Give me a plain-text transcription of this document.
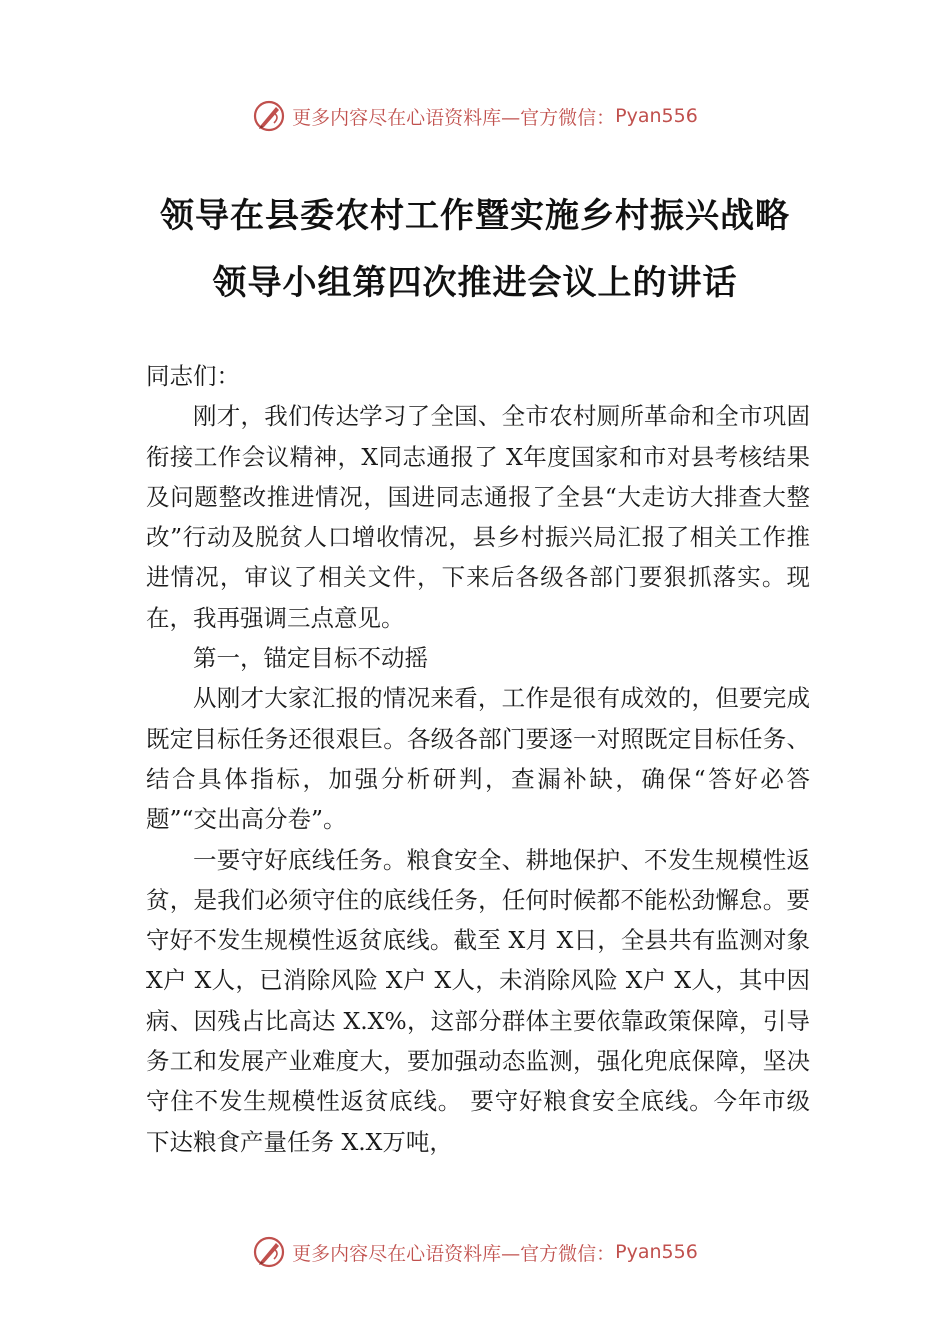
更多内容尽在心语资料库—官方微信： Pyan556
领导在县委农村工作暨实施乡村振兴战略
领导小组第四次推进会议上的讲话

同志们：

刚才，我们传达学习了全国、全市农村厕所革命和全市巩固衔接工作会议精神，X同志通报了 X年度国家和市对县考核结果及问题整改推进情况，国进同志通报了全县“大走访大排查大整改”行动及脱贫人口增收情况，县乡村振兴局汇报了相关工作推进情况，审议了相关文件，下来后各级各部门要狠抓落实。现在，我再强调三点意见。

第一，锚定目标不动摇

从刚才大家汇报的情况来看，工作是很有成效的，但要完成既定目标任务还很艰巨。各级各部门要逐一对照既定目标任务、结合具体指标，加强分析研判，查漏补缺，确保“答好必答题”“交出高分卷”。

一要守好底线任务。粮食安全、耕地保护、不发生规模性返贫，是我们必须守住的底线任务，任何时候都不能松劲懈怠。要守好不发生规模性返贫底线。截至 X月 X日，全县共有监测对象 X户 X人，已消除风险 X户 X人，未消除风险 X户 X人，其中因病、因残占比高达 X.X%，这部分群体主要依靠政策保障，引导务工和发展产业难度大，要加强动态监测，强化兜底保障，坚决守住不发生规模性返贫底线。 要守好粮食安全底线。今年市级下达粮食产量任务 X.X万吨，

更多内容尽在心语资料库—官方微信： Pyan556
